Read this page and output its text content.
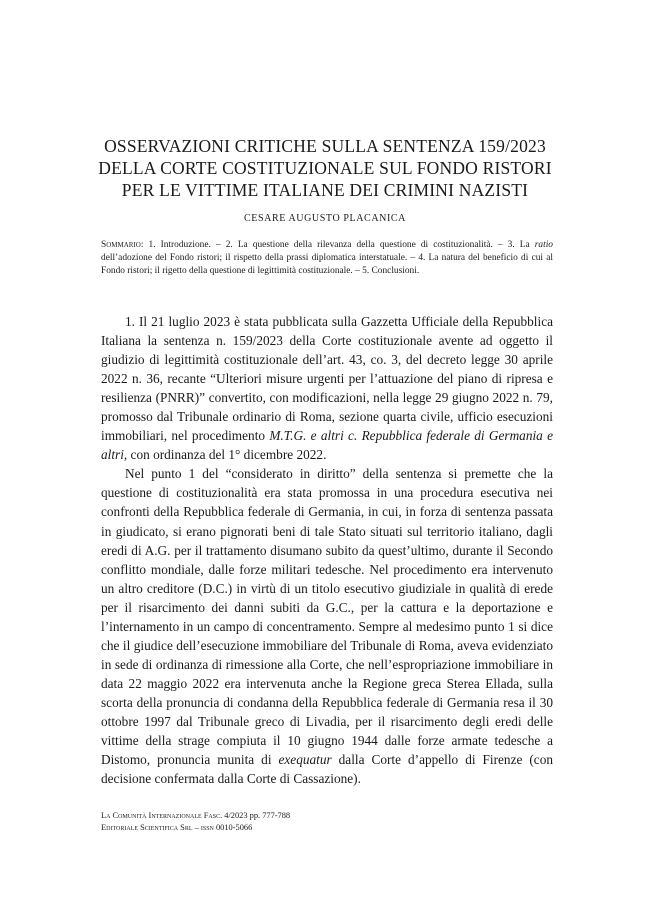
OSSERVAZIONI CRITICHE SULLA SENTENZA 159/2023
DELLA CORTE COSTITUZIONALE SUL FONDO RISTORI
PER LE VITTIME ITALIANE DEI CRIMINI NAZISTI
CESARE AUGUSTO PLACANICA
Sommario: 1. Introduzione. – 2. La questione della rilevanza della questione di costituzionalità. – 3. La ratio dell’adozione del Fondo ristori; il rispetto della prassi diplomatica interstatuale. – 4. La natura del beneficio di cui al Fondo ristori; il rigetto della questione di legittimità costituzionale. – 5. Conclusioni.

1. Il 21 luglio 2023 è stata pubblicata sulla Gazzetta Ufficiale della Repubblica Italiana la sentenza n. 159/2023 della Corte costituzionale avente ad oggetto il giudizio di legittimità costituzionale dell’art. 43, co. 3, del decreto legge 30 aprile 2022 n. 36, recante “Ulteriori misure urgenti per l’attuazione del piano di ripresa e resilienza (PNRR)” convertito, con modificazioni, nella legge 29 giugno 2022 n. 79, promosso dal Tribunale ordinario di Roma, sezione quarta civile, ufficio esecuzioni immobiliari, nel procedimento M.T.G. e altri c. Repubblica federale di Germania e altri, con ordinanza del 1° dicembre 2022.

Nel punto 1 del “considerato in diritto” della sentenza si premette che la questione di costituzionalità era stata promossa in una procedura esecutiva nei confronti della Repubblica federale di Germania, in cui, in forza di sentenza passata in giudicato, si erano pignorati beni di tale Stato situati sul territorio italiano, dagli eredi di A.G. per il trattamento disumano subito da quest’ultimo, durante il Secondo conflitto mondiale, dalle forze militari tedesche. Nel procedimento era intervenuto un altro creditore (D.C.) in virtù di un titolo esecutivo giudiziale in qualità di erede per il risarcimento dei danni subiti da G.C., per la cattura e la deportazione e l’internamento in un campo di concentramento. Sempre al medesimo punto 1 si dice che il giudice dell’esecuzione immobiliare del Tribunale di Roma, aveva evidenziato in sede di ordinanza di rimessione alla Corte, che nell’espropriazione immobiliare in data 22 maggio 2022 era intervenuta anche la Regione greca Sterea Ellada, sulla scorta della pronuncia di condanna della Repubblica federale di Germania resa il 30 ottobre 1997 dal Tribunale greco di Livadia, per il risarcimento degli eredi delle vittime della strage compiuta il 10 giugno 1944 dalle forze armate tedesche a Distomo, pronuncia munita di exequatur dalla Corte d’appello di Firenze (con decisione confermata dalla Corte di Cassazione).

La Comunità Internazionale Fasc. 4/2023 pp. 777-788
Editoriale Scientifica Srl – issn 0010-5066
